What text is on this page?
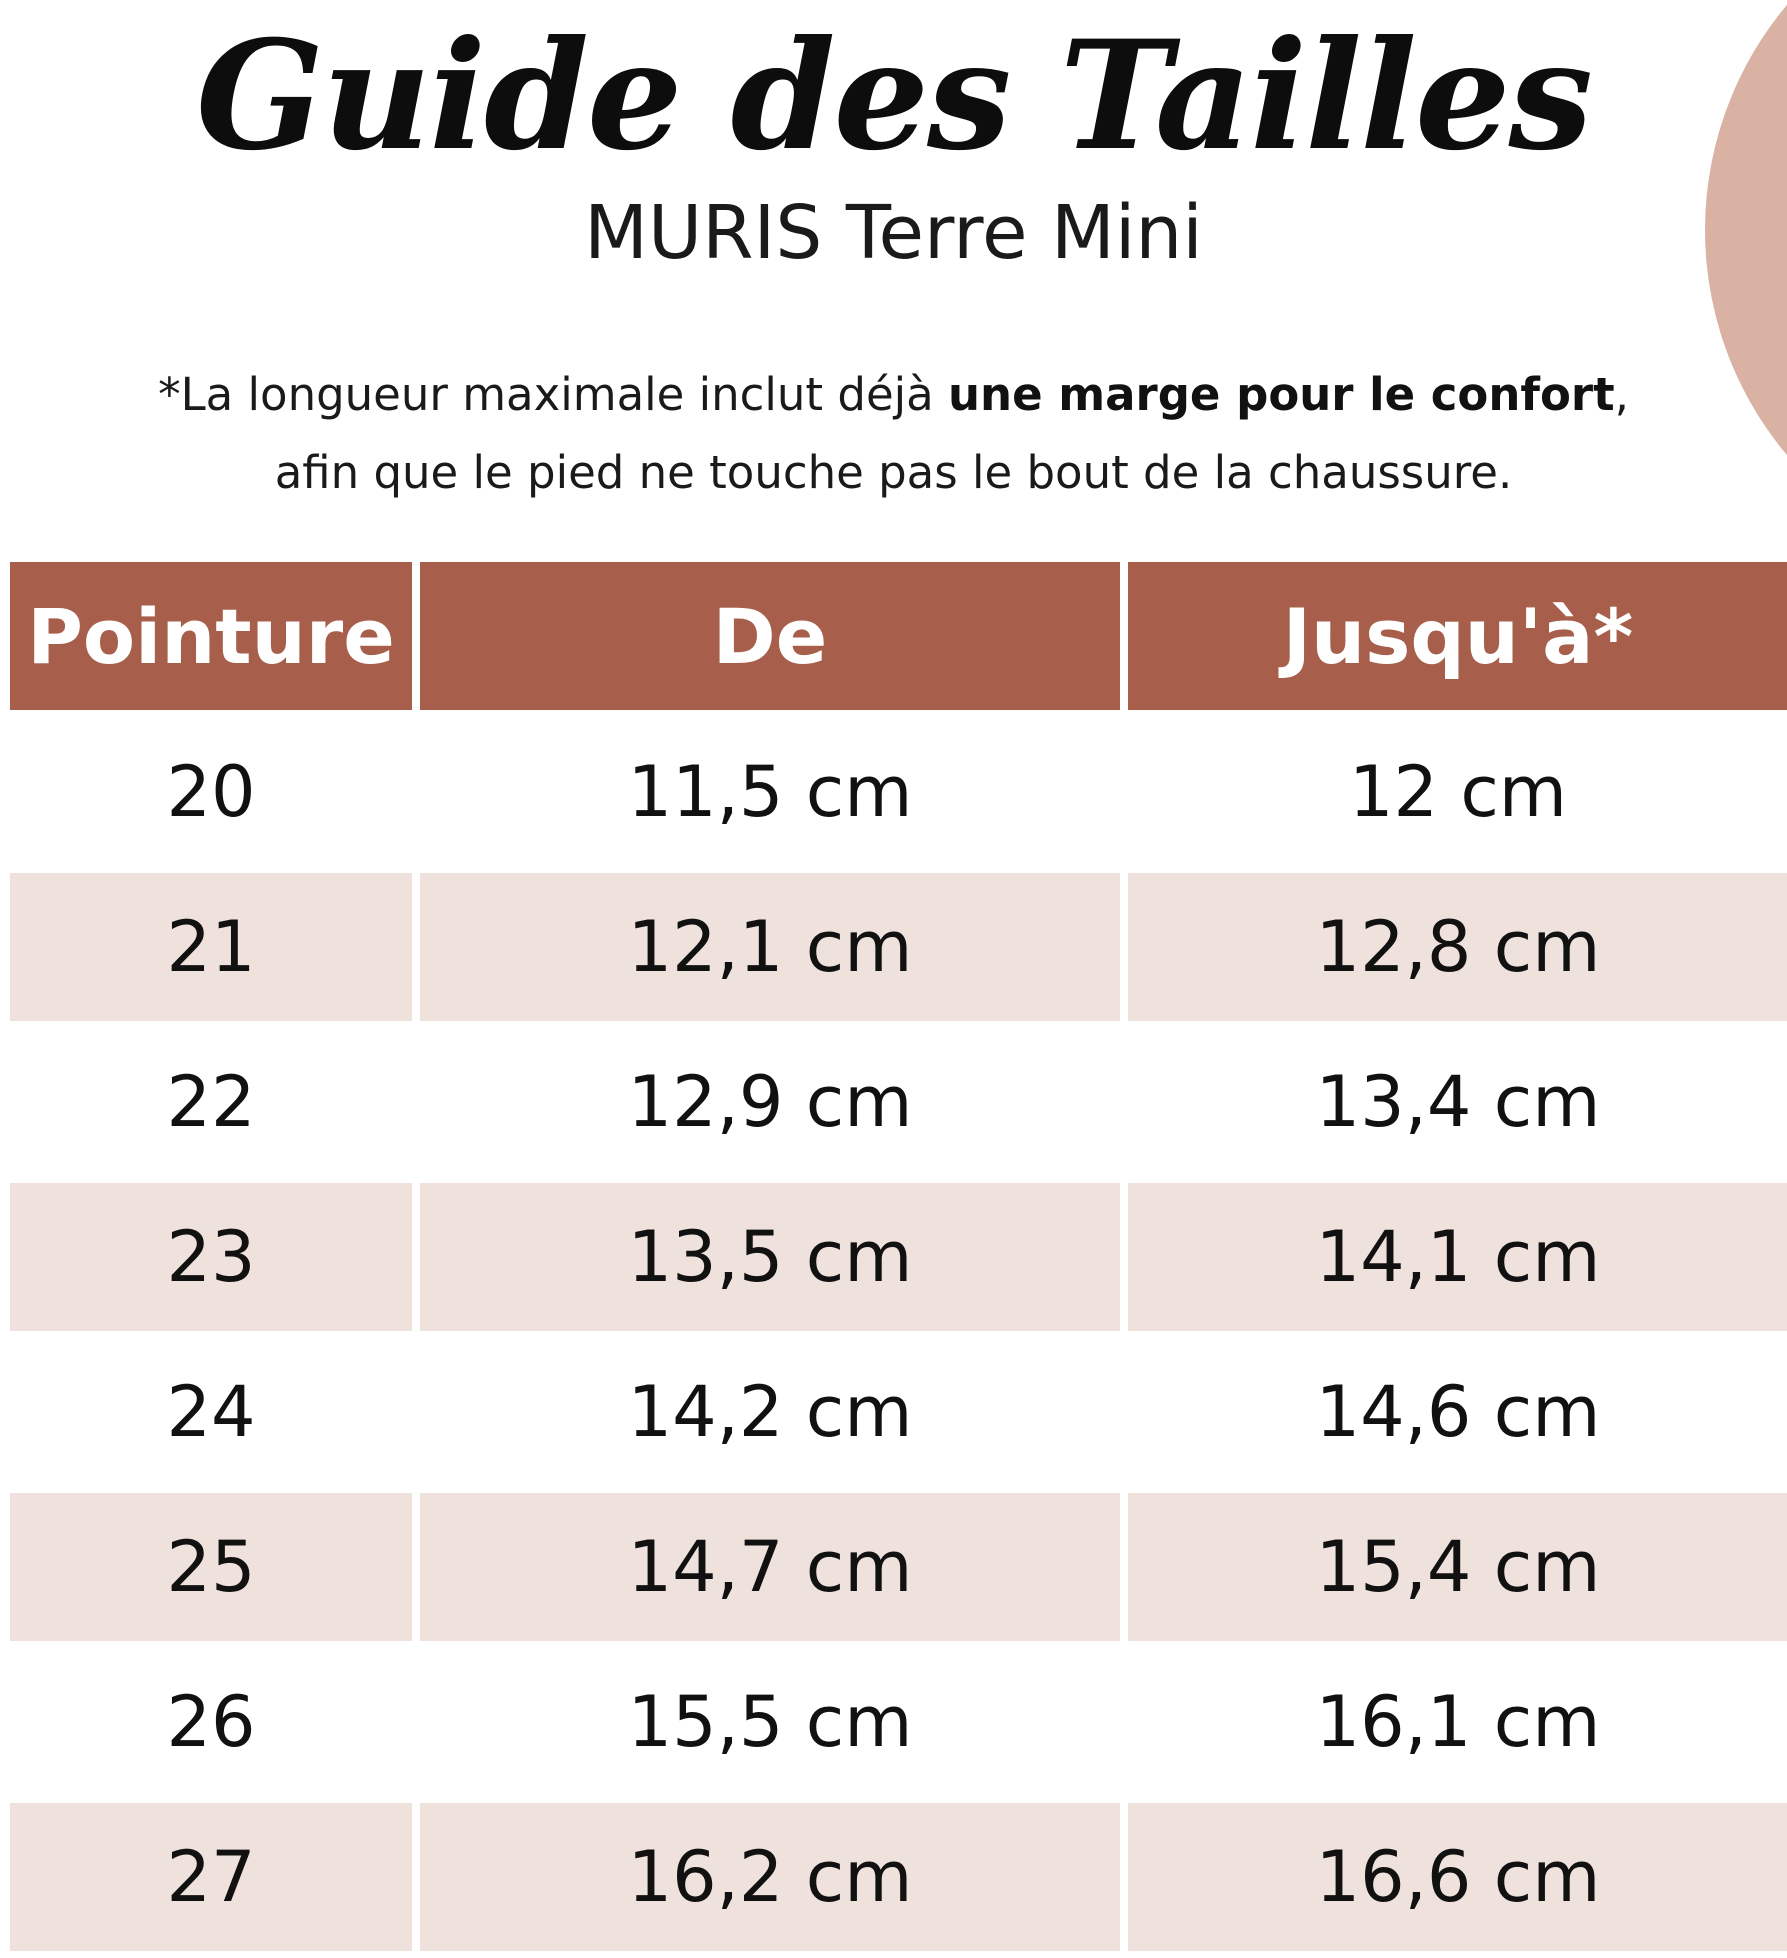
Guide des Tailles
MURIS Terre Mini
*La longueur maximale inclut déjà une marge pour le confort,
afin que le pied ne touche pas le bout de la chaussure.
Pointure	De	Jusqu'à*
20	11,5 cm	12 cm
21	12,1 cm	12,8 cm
22	12,9 cm	13,4 cm
23	13,5 cm	14,1 cm
24	14,2 cm	14,6 cm
25	14,7 cm	15,4 cm
26	15,5 cm	16,1 cm
27	16,2 cm	16,6 cm
